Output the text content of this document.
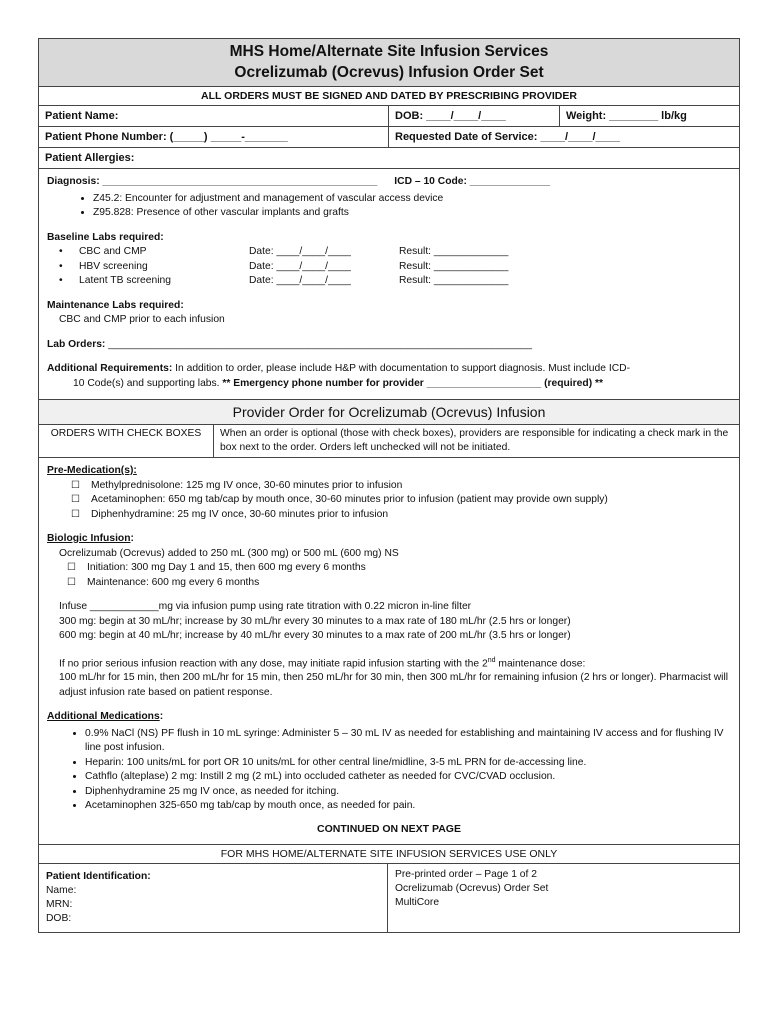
MHS Home/Alternate Site Infusion Services
Ocrelizumab (Ocrevus) Infusion Order Set
ALL ORDERS MUST BE SIGNED AND DATED BY PRESCRIBING PROVIDER
Patient Name:	DOB: ____/____/____	Weight: ________ lb/kg
Patient Phone Number: (_____) _____-_______	Requested Date of Service: ____/____/____
Patient Allergies:
Diagnosis: ________________________________________________ ICD – 10 Code: ______________
• Z45.2: Encounter for adjustment and management of vascular access device
• Z95.828: Presence of other vascular implants and grafts
Baseline Labs required:
• CBC and CMP	Date: ____/____/____	Result: _____________
• HBV screening	Date: ____/____/____	Result: _____________
• Latent TB screening	Date: ____/____/____	Result: _____________
Maintenance Labs required:
CBC and CMP prior to each infusion
Lab Orders: __________________________________________________________________________
Additional Requirements: In addition to order, please include H&P with documentation to support diagnosis. Must include ICD-
10 Code(s) and supporting labs. ** Emergency phone number for provider ____________________ (required) **
Provider Order for Ocrelizumab (Ocrevus) Infusion
ORDERS WITH CHECK BOXES	When an order is optional (those with check boxes), providers are responsible for indicating a check mark in the box next to the order. Orders left unchecked will not be initiated.
Pre-Medication(s):
☐ Methylprednisolone: 125 mg IV once, 30-60 minutes prior to infusion
☐ Acetaminophen: 650 mg tab/cap by mouth once, 30-60 minutes prior to infusion (patient may provide own supply)
☐ Diphenhydramine: 25 mg IV once, 30-60 minutes prior to infusion
Biologic Infusion:
Ocrelizumab (Ocrevus) added to 250 mL (300 mg) or 500 mL (600 mg) NS
☐ Initiation: 300 mg Day 1 and 15, then 600 mg every 6 months
☐ Maintenance: 600 mg every 6 months
Infuse ____________mg via infusion pump using rate titration with 0.22 micron in-line filter
300 mg: begin at 30 mL/hr; increase by 30 mL/hr every 30 minutes to a max rate of 180 mL/hr (2.5 hrs or longer)
600 mg: begin at 40 mL/hr; increase by 40 mL/hr every 30 minutes to a max rate of 200 mL/hr (3.5 hrs or longer)
If no prior serious infusion reaction with any dose, may initiate rapid infusion starting with the 2nd maintenance dose:
100 mL/hr for 15 min, then 200 mL/hr for 15 min, then 250 mL/hr for 30 min, then 300 mL/hr for remaining infusion (2 hrs or longer). Pharmacist will adjust infusion rate based on patient response.
Additional Medications:
• 0.9% NaCl (NS) PF flush in 10 mL syringe: Administer 5 – 30 mL IV as needed for establishing and maintaining IV access and for flushing IV line post infusion.
• Heparin: 100 units/mL for port OR 10 units/mL for other central line/midline, 3-5 mL PRN for de-accessing line.
• Cathflo (alteplase) 2 mg: Instill 2 mg (2 mL) into occluded catheter as needed for CVC/CVAD occlusion.
• Diphenhydramine 25 mg IV once, as needed for itching.
• Acetaminophen 325-650 mg tab/cap by mouth once, as needed for pain.
CONTINUED ON NEXT PAGE
FOR MHS HOME/ALTERNATE SITE INFUSION SERVICES USE ONLY
Patient Identification:
Name:
MRN:
DOB:
Pre-printed order – Page 1 of 2
Ocrelizumab (Ocrevus) Order Set
MultiCore
